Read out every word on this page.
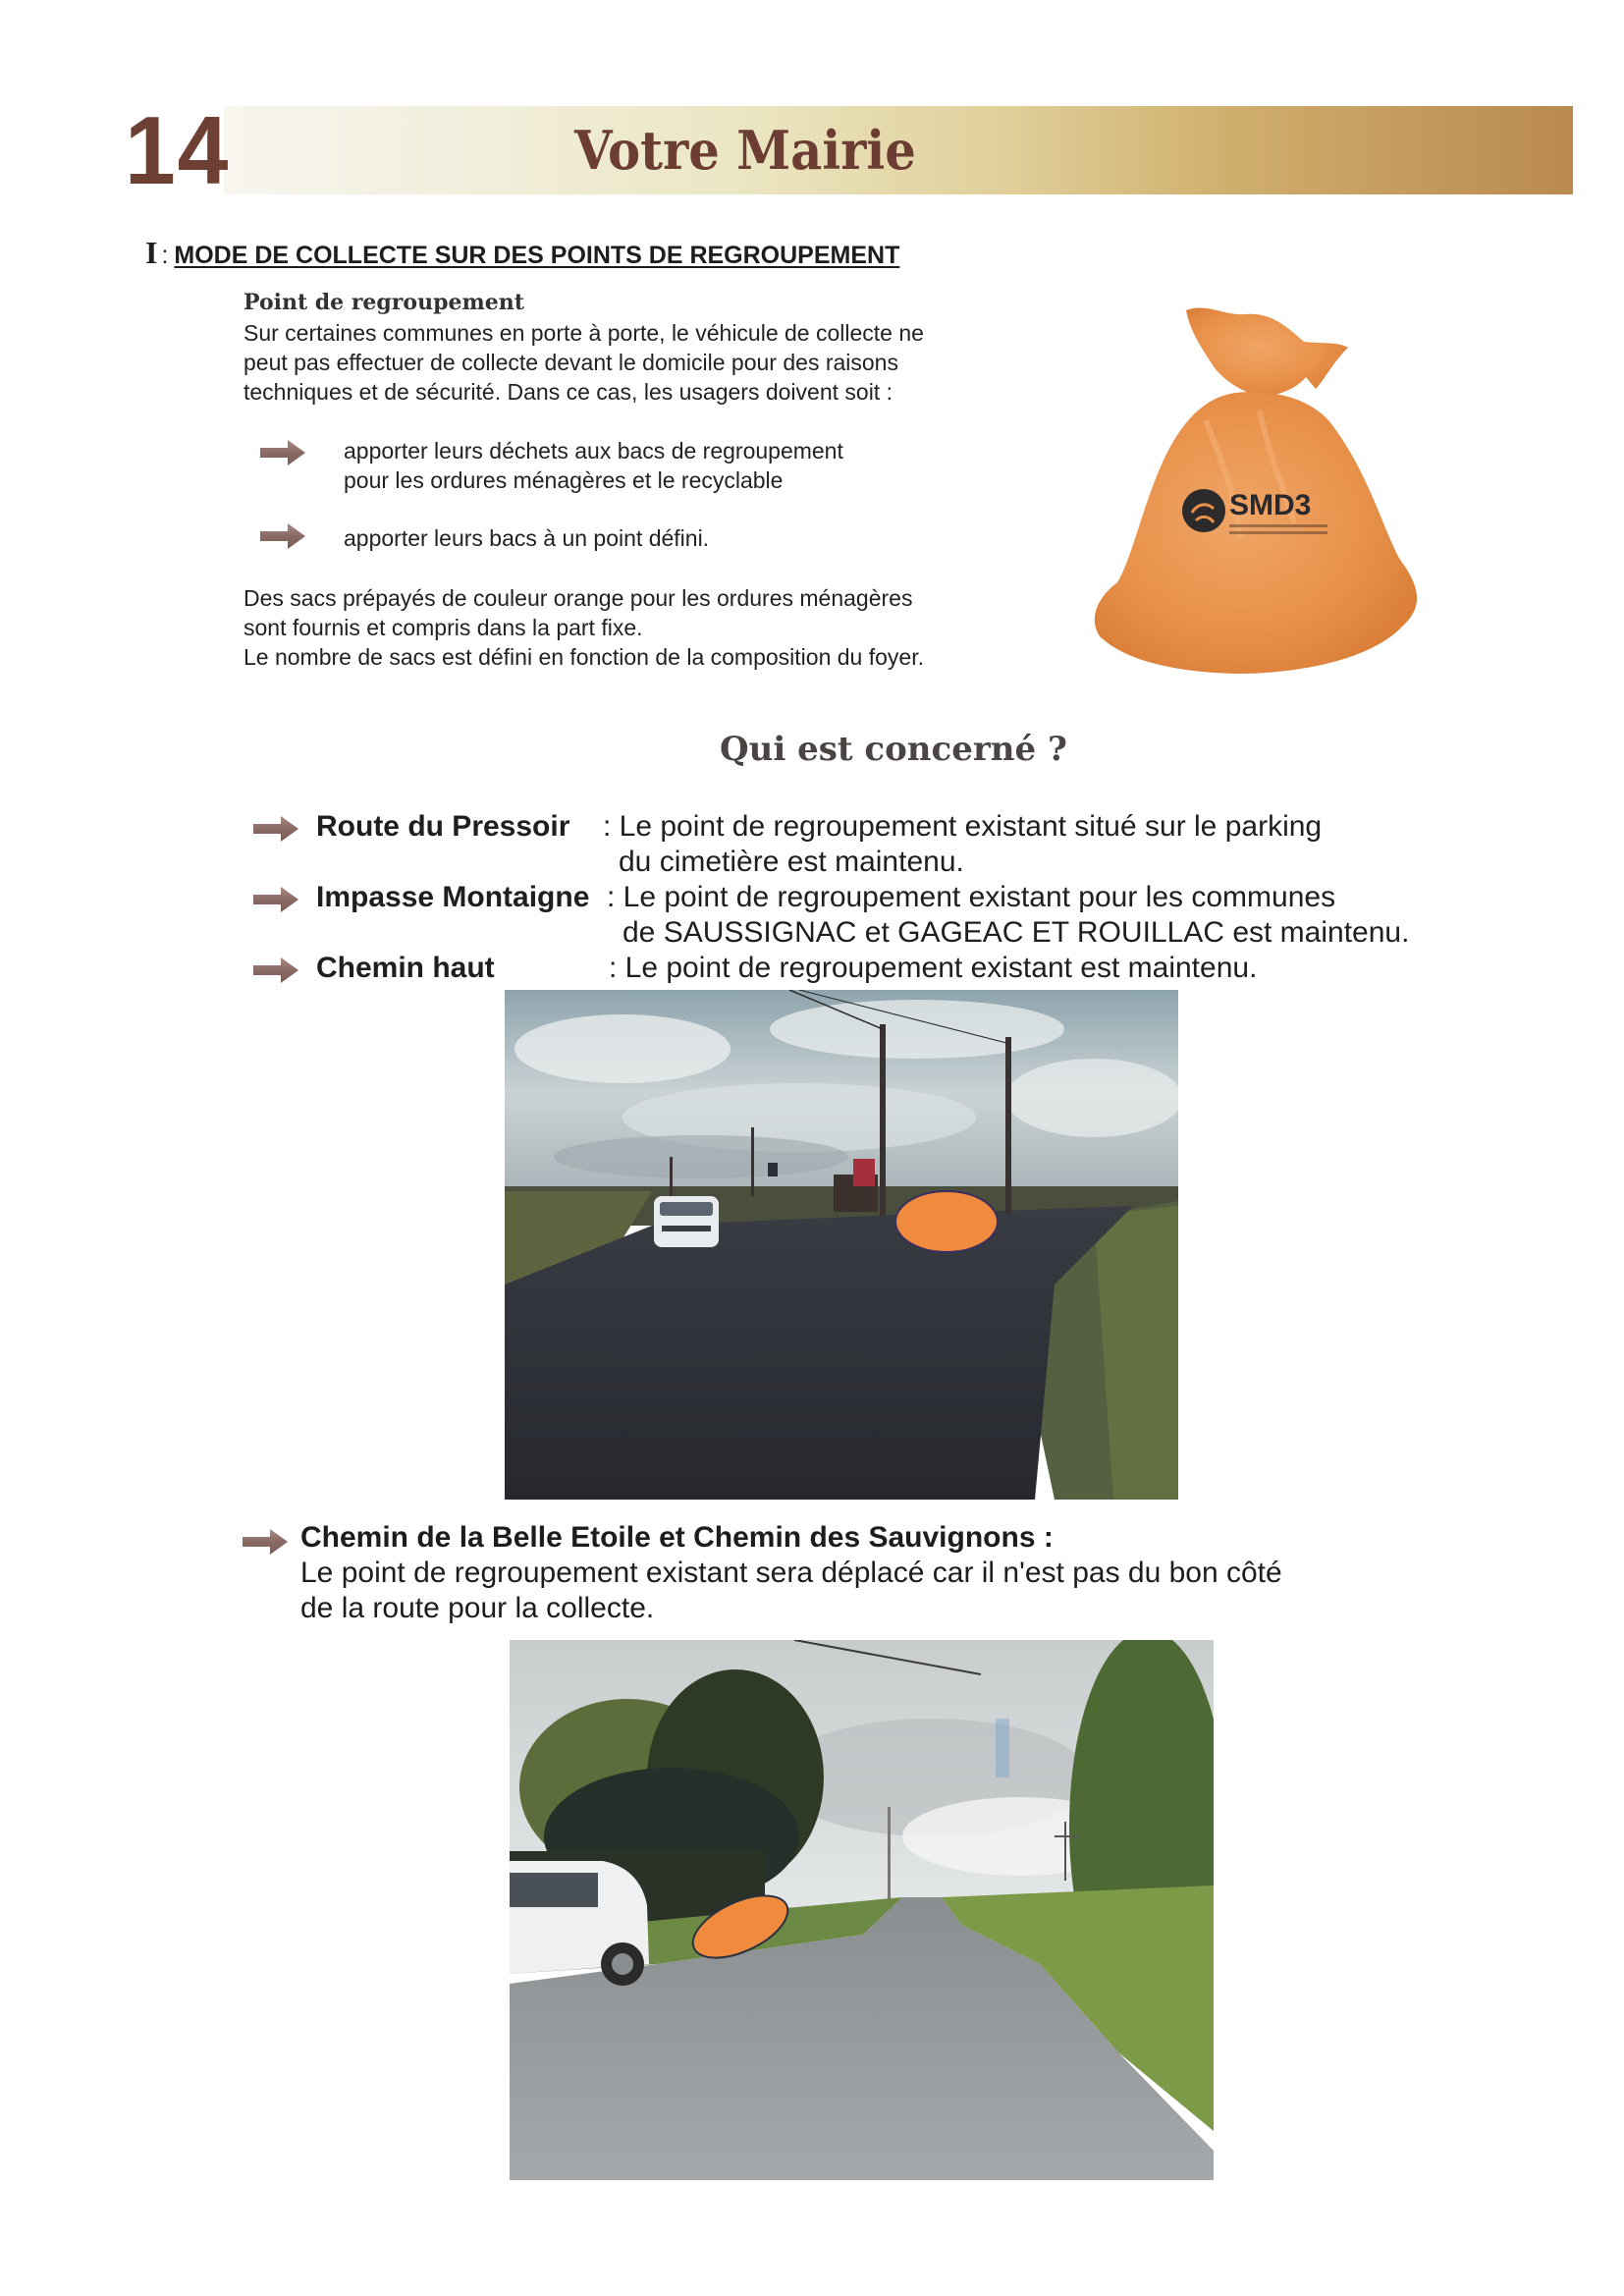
14	Votre Mairie
I : MODE DE COLLECTE SUR DES POINTS DE REGROUPEMENT
Point de regroupement
Sur certaines communes en porte à porte, le véhicule de collecte ne
peut pas effectuer de collecte devant le domicile pour des raisons
techniques et de sécurité. Dans ce cas, les usagers doivent soit :
apporter leurs déchets aux bacs de regroupement
pour les ordures ménagères et le recyclable
apporter leurs bacs à un point défini.
Des sacs prépayés de couleur orange pour les ordures ménagères
sont fournis et compris dans la part fixe.
Le nombre de sacs est défini en fonction de la composition du foyer.
SMD3
Qui est concerné ?
Route du Pressoir : Le point de regroupement existant situé sur le parking
du cimetière est maintenu.
Impasse Montaigne : Le point de regroupement existant pour les communes
de SAUSSIGNAC et GAGEAC ET ROUILLAC est maintenu.
Chemin haut	: Le point de regroupement existant est maintenu.
Chemin de la Belle Etoile et Chemin des Sauvignons :
Le point de regroupement existant sera déplacé car il n'est pas du bon côté
de la route pour la collecte.
